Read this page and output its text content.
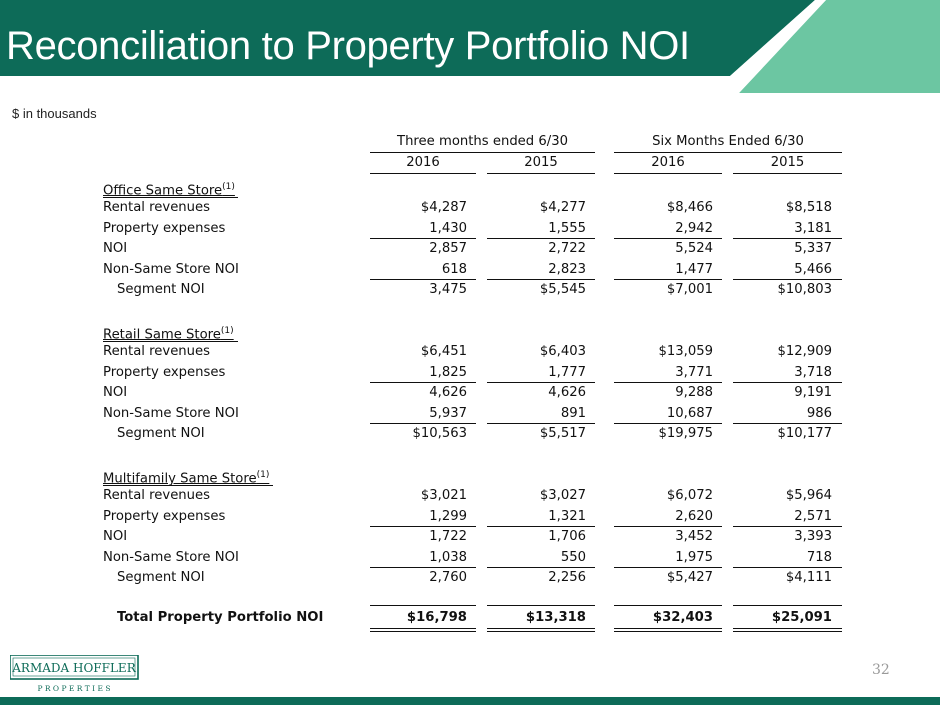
Reconciliation to Property Portfolio NOI
$ in thousands
Three months ended 6/30	Six Months Ended 6/30
2016	2015	2016	2015
Office Same Store$^{(1)}$
Rental revenues	$4,287	$4,277	$8,466	$8,518
Property expenses	1,430	1,555	2,942	3,181
NOI	2,857	2,722	5,524	5,337
Non-Same Store NOI	618	2,823	1,477	5,466
Segment NOI	3,475	$5,545	$7,001	$10,803
Retail Same Store$^{(1)}$
Rental revenues	$6,451	$6,403	$13,059	$12,909
Property expenses	1,825	1,777	3,771	3,718
NOI	4,626	4,626	9,288	9,191
Non-Same Store NOI	5,937	891	10,687	986
Segment NOI	$10,563	$5,517	$19,975	$10,177
Multifamily Same Store$^{(1)}$
Rental revenues	$3,021	$3,027	$6,072	$5,964
Property expenses	1,299	1,321	2,620	2,571
NOI	1,722	1,706	3,452	3,393
Non-Same Store NOI	1,038	550	1,975	718
Segment NOI	2,760	2,256	$5,427	$4,111
Total Property Portfolio NOI	$16,798	$13,318	$32,403	$25,091
ARMADA HOFFLER
P R O P E R T I E S
32
